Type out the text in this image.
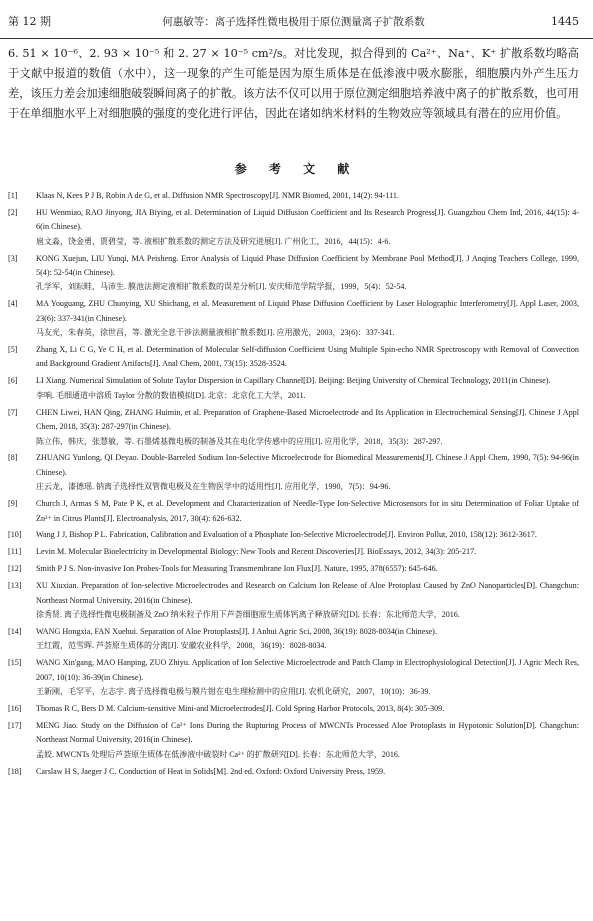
第 12 期	何惠敏等：离子选择性微电极用于原位测量离子扩散系数	1445
6. 51 × 10⁻⁶、2. 93 × 10⁻⁵ 和 2. 27 × 10⁻⁵ cm²/s。对比发现，拟合得到的 Ca²⁺、Na⁺、K⁺ 扩散系数均略高于文献中报道的数值（水中），这一现象的产生可能是因为原生质体是在低渗液中吸水膨胀，细胞膜内外产生压力差，该压力差会加速细胞破裂瞬间离子的扩散。该方法不仅可以用于原位测定细胞培养液中离子的扩散系数，也可用于在单细胞水平上对细胞膜的强度的变化进行评估，因此在诸如纳米材料的生物效应等领域具有潜在的应用价值。
参 考 文 献
[1] Klaas N, Kees P J B, Robin A de G, et al. Diffusion NMR Spectroscopy[J]. NMR Biomed, 2001, 14(2): 94-111.
[2] HU Wenmiao, RAO Jinyong, JIA Biying, et al. Determination of Liquid Diffusion Coefficient and Its Research Progress[J]. Guangzhou Chem Ind, 2016, 44(15): 4-6(in Chinese).
扈文淼，饶金勇，贾碧莹，等. 液相扩散系数的测定方法及研究进展[J]. 广州化工，2016，44(15)：4-6.
[3] KONG Xuejun, LIU Yunqi, MA Peisheng. Error Analysis of Liquid Phase Diffusion Coefficient by Membrane Pool Method[J]. J Anqing Teachers College, 1999, 5(4): 52-54(in Chinese).
孔学军，刘耘畦，马沛生. 膜池法测定液相扩散系数的误差分析[J]. 安庆师范学院学报，1999，5(4)：52-54.
[4] MA Youguang, ZHU Chunying, XU Shichang, et al. Measurement of Liquid Phase Diffusion Coefficient by Laser Holographic Interferometry[J]. Appl Laser, 2003, 23(6): 337-341(in Chinese).
马友光，朱春英，徐世昌，等. 激光全息干涉法测量液相扩散系数[J]. 应用激光，2003，23(6)：337-341.
[5] Zhang X, Li C G, Ye C H, et al. Determination of Molecular Self-diffusion Coefficient Using Multiple Spin-echo NMR Spectroscopy with Removal of Convection and Background Gradient Artifacts[J]. Anal Chem, 2001, 73(15): 3528-3524.
[6] LI Xiang. Numerical Simulation of Solute Taylor Dispersion in Capillary Channel[D]. Beijing: Beijing University of Chemical Technology, 2011(in Chinese).
李响. 毛细通道中溶质 Taylor 分散的数值模拟[D]. 北京：北京化工大学，2011.
[7] CHEN Liwei, HAN Qing, ZHANG Huimin, et al. Preparation of Graphene-Based Microelectrode and Its Application in Electrochemical Sensing[J]. Chinese J Appl Chem, 2018, 35(3): 287-297(in Chinese).
陈立伟，韩庆，张慧敏，等. 石墨烯基微电极的制备及其在电化学传感中的应用[J]. 应用化学，2018，35(3)：287-297.
[8] ZHUANG Yunlong, QI Deyao. Double-Barreled Sodium Ion-Selective Microelectrode for Biomedical Measurements[J]. Chinese J Appl Chem, 1990, 7(5): 94-96(in Chinese).
庄云龙，漆德瑶. 钠离子选择性双管微电极及在生物医学中的适用性[J]. 应用化学，1990，7(5)：94-96.
[9] Church J, Armas S M, Pate P K, et al. Development and Characterization of Needle-Type Ion-Selective Microsensors for in situ Determination of Foliar Uptake of Zn²⁺ in Citrus Plants[J]. Electroanalysis, 2017, 30(4): 626-632.
[10] Wang J J, Bishop P L. Fabrication, Calibration and Evaluation of a Phosphate Ion-Selective Microelectrode[J]. Environ Pollut, 2010, 158(12): 3612-3617.
[11] Levin M. Molecular Bioelectricity in Developmental Biology: New Tools and Recent Discoveries[J]. BioEssays, 2012, 34(3): 205-217.
[12] Smith P J S. Non-invasive Ion Probes-Tools for Measuring Transmembrane Ion Flux[J]. Nature, 1995, 378(6557): 645-646.
[13] XU Xiuxian. Preparation of Ion-selective Microelectrodes and Research on Calcium Ion Release of Aloe Protoplast Caused by ZnO Nanoparticles[D]. Changchun: Northeast Normal University, 2016(in Chinese).
徐秀贤. 离子选择性微电极制备及 ZnO 纳米粒子作用下芦荟细胞原生质体钙离子释放研究[D]. 长春：东北师范大学，2016.
[14] WANG Hongxia, FAN Xuehui. Separation of Aloe Protoplasts[J]. J Anhui Agric Sci, 2008, 36(19): 8028-8034(in Chinese).
王红霞，范雪晖. 芦荟原生质体的分离[J]. 安徽农业科学，2008，36(19)：8028-8034.
[15] WANG Xin'gang, MAO Hanping, ZUO Zhiyu. Application of Ion Selective Microelectrode and Patch Clamp in Electrophysiological Detection[J]. J Agric Mech Res, 2007, 10(10): 36-39(in Chinese).
王新刚，毛罕平，左志宇. 离子选择微电极与膜片钳在电生理检测中的应用[J]. 农机化研究，2007，10(10)：36-39.
[16] Thomas R C, Bers D M. Calcium-sensitive Mini-and Microelectrodes[J]. Cold Spring Harbor Protocols, 2013, 8(4): 305-309.
[17] MENG Jiao. Study on the Diffusion of Ca²⁺ Ions During the Rupturing Process of MWCNTs Processed Aloe Protoplasts in Hypotonic Solution[D]. Changchun: Northeast Normal University, 2016(in Chinese).
孟姣. MWCNTs 处理后芦荟原生质体在低渗液中破裂时 Ca²⁺ 的扩散研究[D]. 长春：东北师范大学，2016.
[18] Carslaw H S, Jaeger J C. Conduction of Heat in Solids[M]. 2nd ed. Oxford: Oxford University Press, 1959.
